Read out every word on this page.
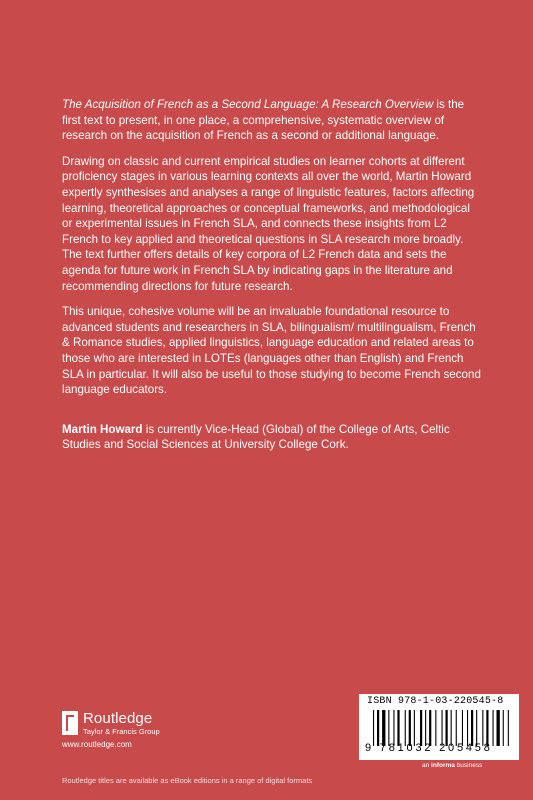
The Acquisition of French as a Second Language: A Research Overview is the first text to present, in one place, a comprehensive, systematic overview of research on the acquisition of French as a second or additional language.

Drawing on classic and current empirical studies on learner cohorts at different proficiency stages in various learning contexts all over the world, Martin Howard expertly synthesises and analyses a range of linguistic features, factors affecting learning, theoretical approaches or conceptual frameworks, and methodological or experimental issues in French SLA, and connects these insights from L2 French to key applied and theoretical questions in SLA research more broadly. The text further offers details of key corpora of L2 French data and sets the agenda for future work in French SLA by indicating gaps in the literature and recommending directions for future research.

This unique, cohesive volume will be an invaluable foundational resource to advanced students and researchers in SLA, bilingualism/ multilingualism, French & Romance studies, applied linguistics, language education and related areas to those who are interested in LOTEs (languages other than English) and French SLA in particular. It will also be useful to those studying to become French second language educators.

Martin Howard is currently Vice-Head (Global) of the College of Arts, Celtic Studies and Social Sciences at University College Cork.

Routledge
Taylor & Francis Group
www.routledge.com
Routledge titles are available as eBook editions in a range of digital formats
ISBN 978-1-03-220545-8
9 781032 205458
an informa business
